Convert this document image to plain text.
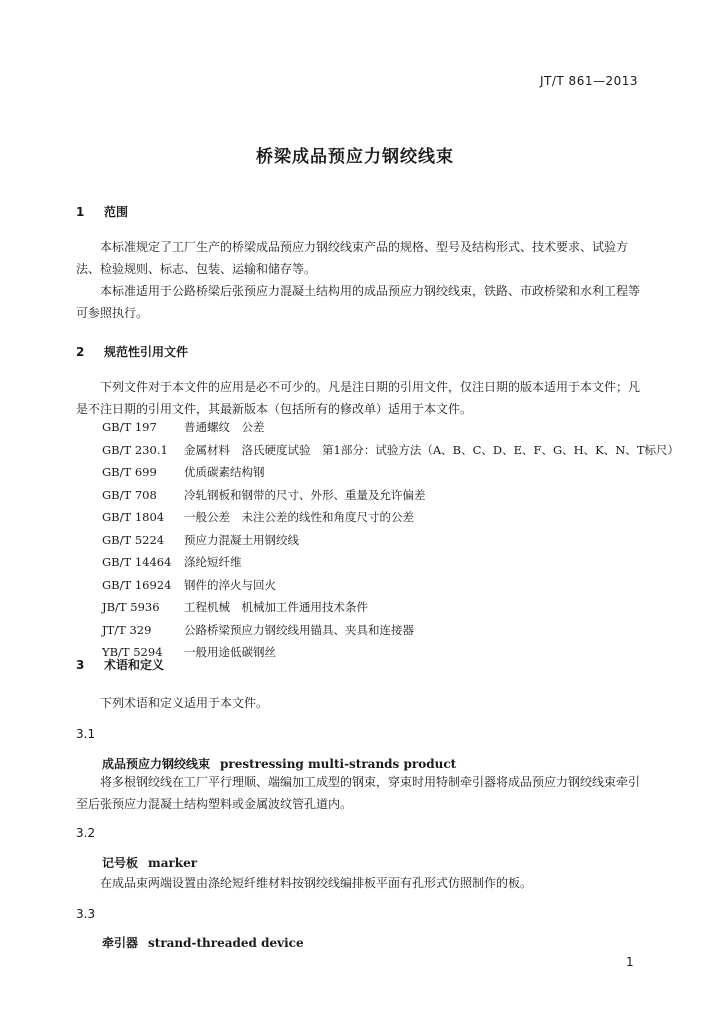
JT/T 861—2013
桥梁成品预应力钢绞线束
1 范围
本标准规定了工厂生产的桥梁成品预应力钢绞线束产品的规格、型号及结构形式、技术要求、试验方法、检验规则、标志、包装、运输和储存等。
本标准适用于公路桥梁后张预应力混凝土结构用的成品预应力钢绞线束，铁路、市政桥梁和水利工程等可参照执行。
2 规范性引用文件
下列文件对于本文件的应用是必不可少的。凡是注日期的引用文件，仅注日期的版本适用于本文件；凡是不注日期的引用文件，其最新版本（包括所有的修改单）适用于本文件。
GB/T 197 普通螺纹　公差
GB/T 230.1 金属材料　洛氏硬度试验　第1部分：试验方法（A、B、C、D、E、F、G、H、K、N、T标尺）
GB/T 699 优质碳素结构钢
GB/T 708 冷轧钢板和钢带的尺寸、外形、重量及允许偏差
GB/T 1804 一般公差　未注公差的线性和角度尺寸的公差
GB/T 5224 预应力混凝土用钢绞线
GB/T 14464 涤纶短纤维
GB/T 16924 钢件的淬火与回火
JB/T 5936 工程机械　机械加工件通用技术条件
JT/T 329	公路桥梁预应力钢绞线用锚具、夹具和连接器
YB/T 5294 一般用途低碳钢丝
3 术语和定义
下列术语和定义适用于本文件。
3.1
成品预应力钢绞线束 prestressing multi-strands product
将多根钢绞线在工厂平行理顺、端编加工成型的钢束，穿束时用特制牵引器将成品预应力钢绞线束牵引至后张预应力混凝土结构塑料或金属波纹管孔道内。
3.2
记号板 marker
在成品束两端设置由涤纶短纤维材料按钢绞线编排板平面有孔形式仿照制作的板。
3.3
牵引器 strand-threaded device
1
